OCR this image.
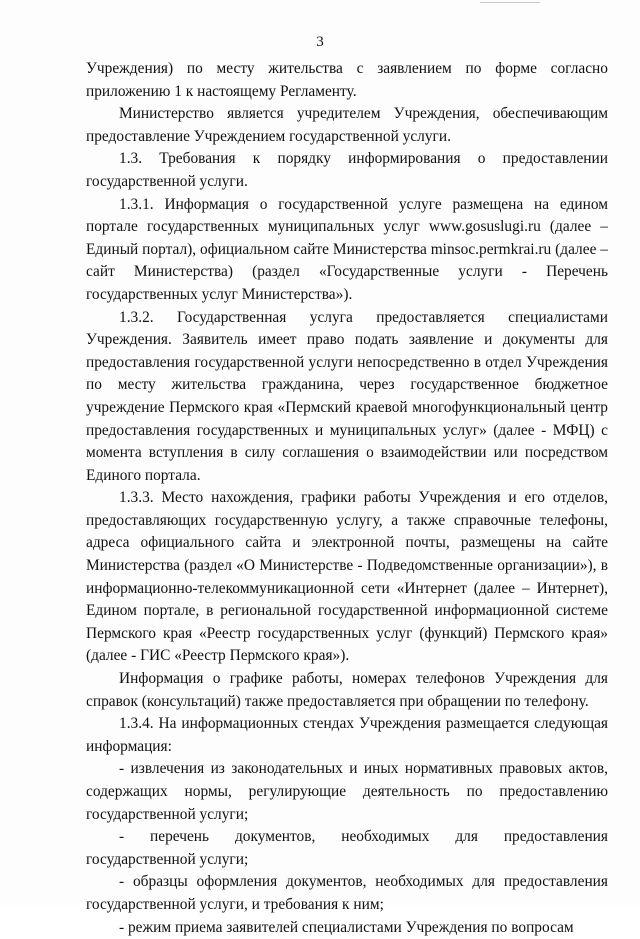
3

Учреждения) по месту жительства с заявлением по форме согласно приложению 1 к настоящему Регламенту.

Министерство является учредителем Учреждения, обеспечивающим предоставление Учреждением государственной услуги.

1.3. Требования к порядку информирования о предоставлении государственной услуги.

1.3.1. Информация о государственной услуге размещена на едином портале государственных муниципальных услуг www.gosuslugi.ru (далее – Единый портал), официальном сайте Министерства minsoc.permkrai.ru (далее – сайт Министерства) (раздел «Государственные услуги - Перечень государственных услуг Министерства»).

1.3.2. Государственная услуга предоставляется специалистами Учреждения. Заявитель имеет право подать заявление и документы для предоставления государственной услуги непосредственно в отдел Учреждения по месту жительства гражданина, через государственное бюджетное учреждение Пермского края «Пермский краевой многофункциональный центр предоставления государственных и муниципальных услуг» (далее - МФЦ) с момента вступления в силу соглашения о взаимодействии или посредством Единого портала.

1.3.3. Место нахождения, графики работы Учреждения и его отделов, предоставляющих государственную услугу, а также справочные телефоны, адреса официального сайта и электронной почты, размещены на сайте Министерства (раздел «О Министерстве - Подведомственные организации»), в информационно-телекоммуникационной сети «Интернет (далее – Интернет), Едином портале, в региональной государственной информационной системе Пермского края «Реестр государственных услуг (функций) Пермского края» (далее - ГИС «Реестр Пермского края»).

Информация о графике работы, номерах телефонов Учреждения для справок (консультаций) также предоставляется при обращении по телефону.

1.3.4. На информационных стендах Учреждения размещается следующая информация:

- извлечения из законодательных и иных нормативных правовых актов, содержащих нормы, регулирующие деятельность по предоставлению государственной услуги;

- перечень документов, необходимых для предоставления государственной услуги;

- образцы оформления документов, необходимых для предоставления государственной услуги, и требования к ним;

- режим приема заявителей специалистами Учреждения по вопросам
